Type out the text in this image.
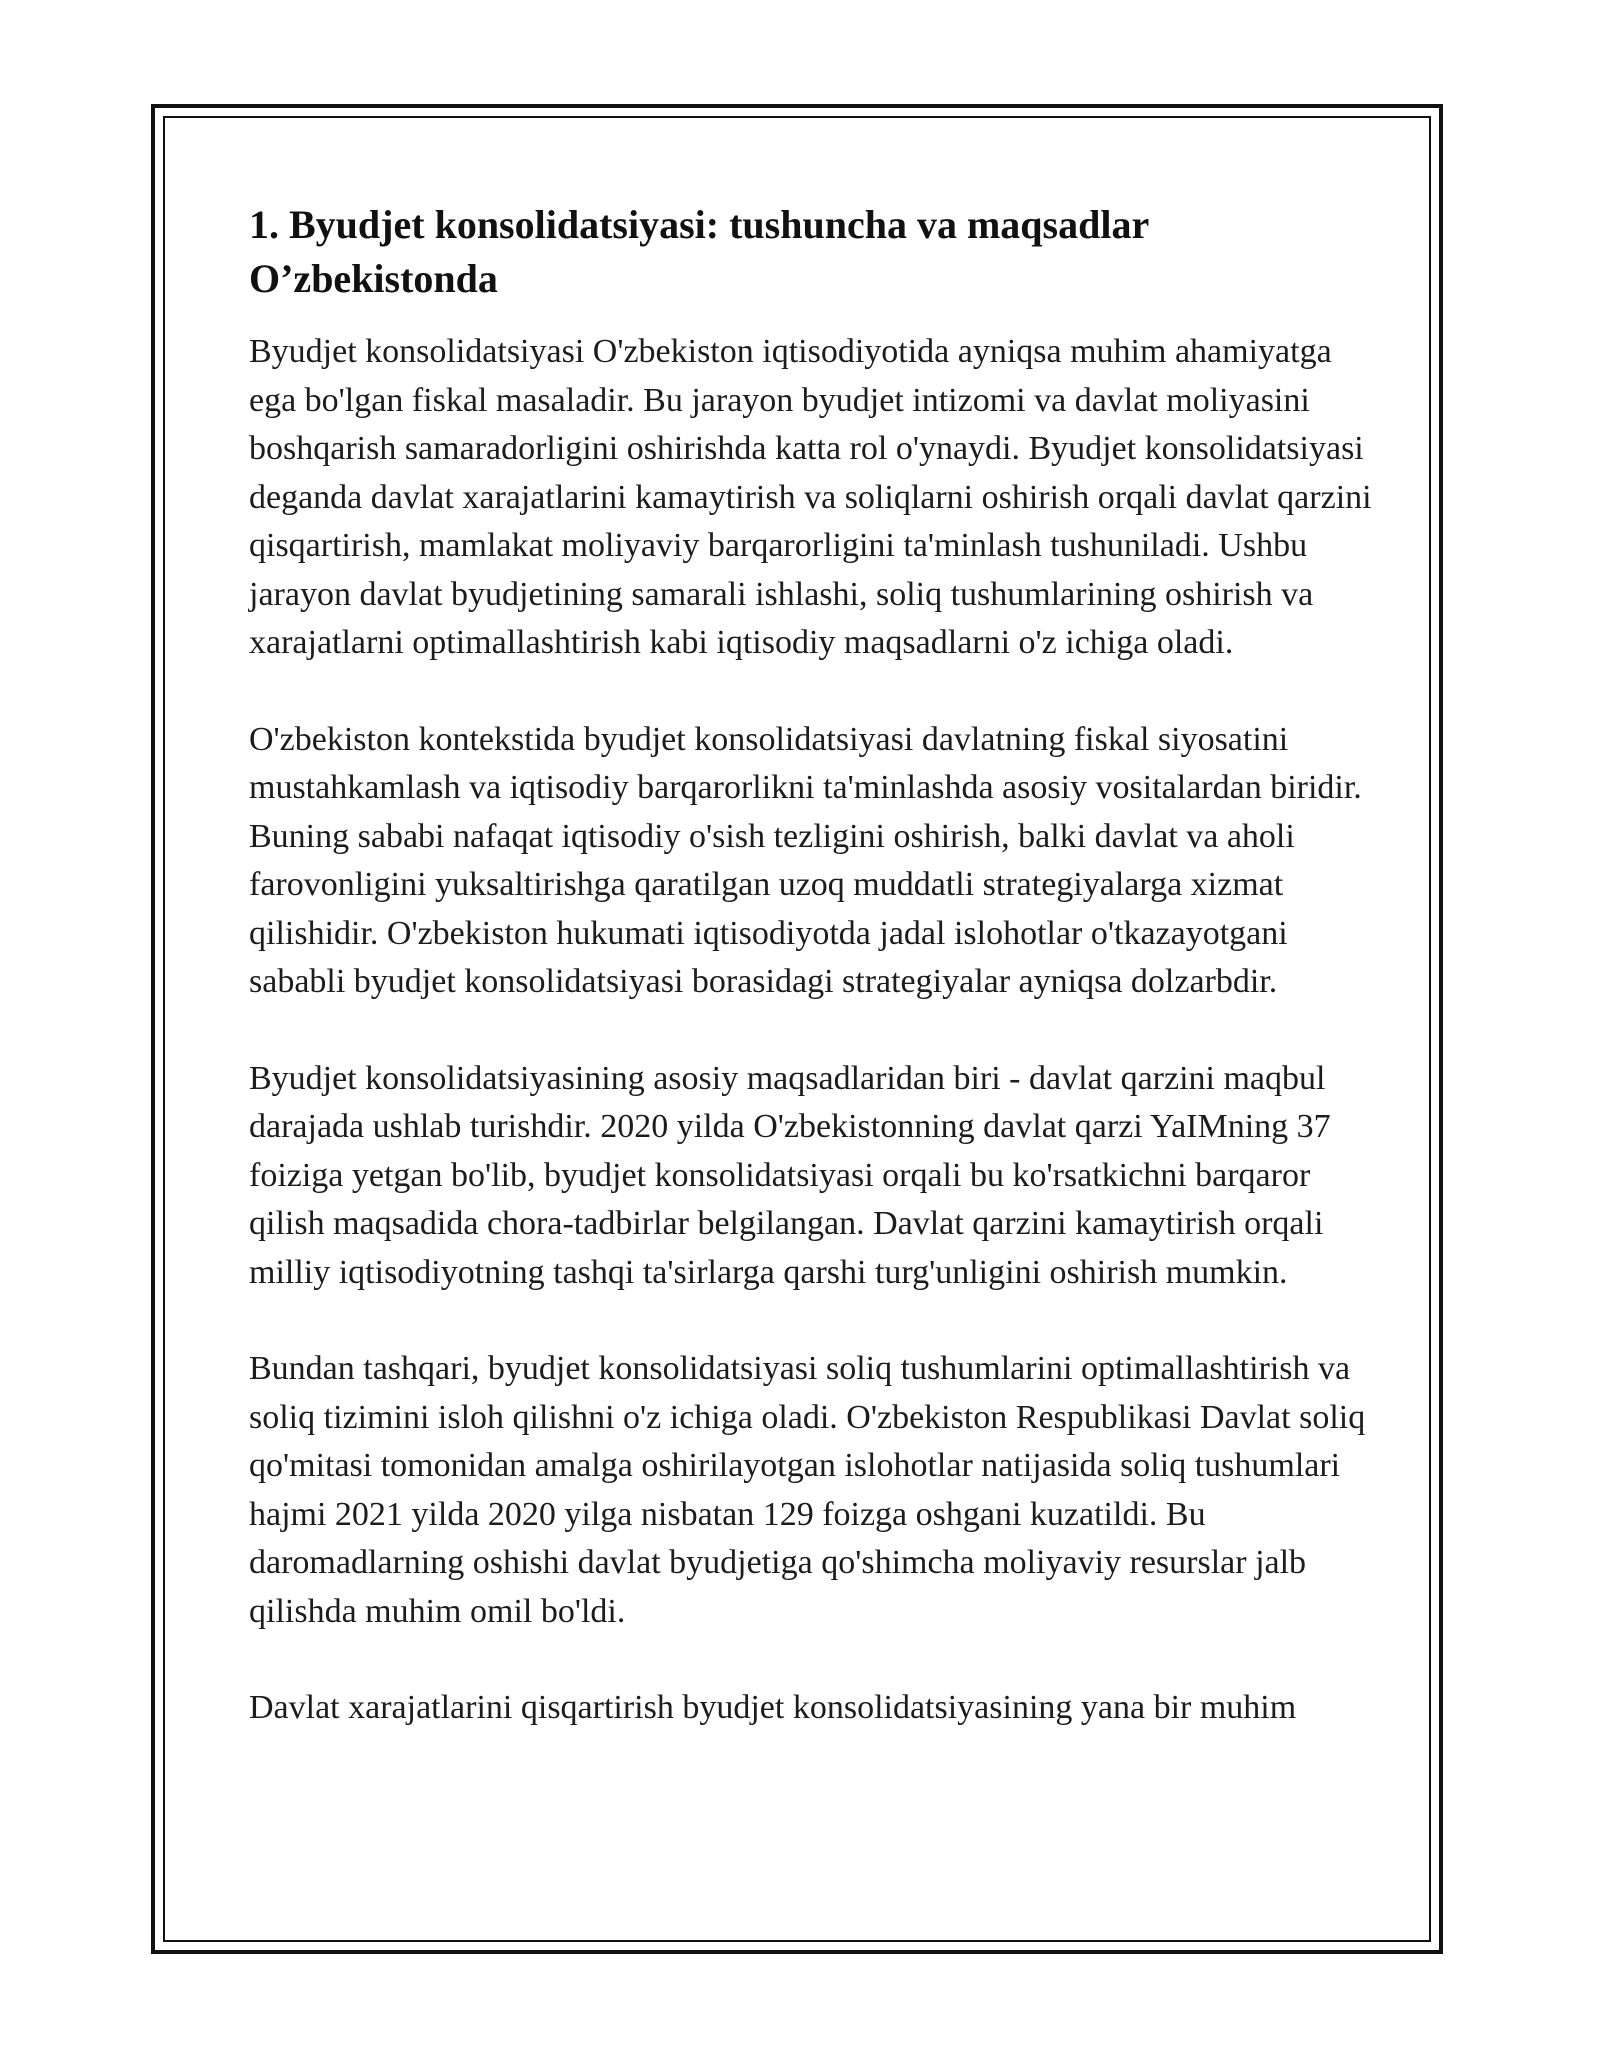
1. Byudjet konsolidatsiyasi: tushuncha va maqsadlar O’zbekistonda

Byudjet konsolidatsiyasi O'zbekiston iqtisodiyotida ayniqsa muhim ahamiyatga ega bo'lgan fiskal masaladir. Bu jarayon byudjet intizomi va davlat moliyasini boshqarish samaradorligini oshirishda katta rol o'ynaydi. Byudjet konsolidatsiyasi deganda davlat xarajatlarini kamaytirish va soliqlarni oshirish orqali davlat qarzini qisqartirish, mamlakat moliyaviy barqarorligini ta'minlash tushuniladi. Ushbu jarayon davlat byudjetining samarali ishlashi, soliq tushumlarining oshirish va xarajatlarni optimallashtirish kabi iqtisodiy maqsadlarni o'z ichiga oladi.

O'zbekiston kontekstida byudjet konsolidatsiyasi davlatning fiskal siyosatini mustahkamlash va iqtisodiy barqarorlikni ta'minlashda asosiy vositalardan biridir. Buning sababi nafaqat iqtisodiy o'sish tezligini oshirish, balki davlat va aholi farovonligini yuksaltirishga qaratilgan uzoq muddatli strategiyalarga xizmat qilishidir. O'zbekiston hukumati iqtisodiyotda jadal islohotlar o'tkazayotgani sababli byudjet konsolidatsiyasi borasidagi strategiyalar ayniqsa dolzarbdir.

Byudjet konsolidatsiyasining asosiy maqsadlaridan biri - davlat qarzini maqbul darajada ushlab turishdir. 2020 yilda O'zbekistonning davlat qarzi YaIMning 37 foiziga yetgan bo'lib, byudjet konsolidatsiyasi orqali bu ko'rsatkichni barqaror qilish maqsadida chora-tadbirlar belgilangan. Davlat qarzini kamaytirish orqali milliy iqtisodiyotning tashqi ta'sirlarga qarshi turg'unligini oshirish mumkin.

Bundan tashqari, byudjet konsolidatsiyasi soliq tushumlarini optimallashtirish va soliq tizimini isloh qilishni o'z ichiga oladi. O'zbekiston Respublikasi Davlat soliq qo'mitasi tomonidan amalga oshirilayotgan islohotlar natijasida soliq tushumlari hajmi 2021 yilda 2020 yilga nisbatan 129 foizga oshgani kuzatildi. Bu daromadlarning oshishi davlat byudjetiga qo'shimcha moliyaviy resurslar jalb qilishda muhim omil bo'ldi.

Davlat xarajatlarini qisqartirish byudjet konsolidatsiyasining yana bir muhim
